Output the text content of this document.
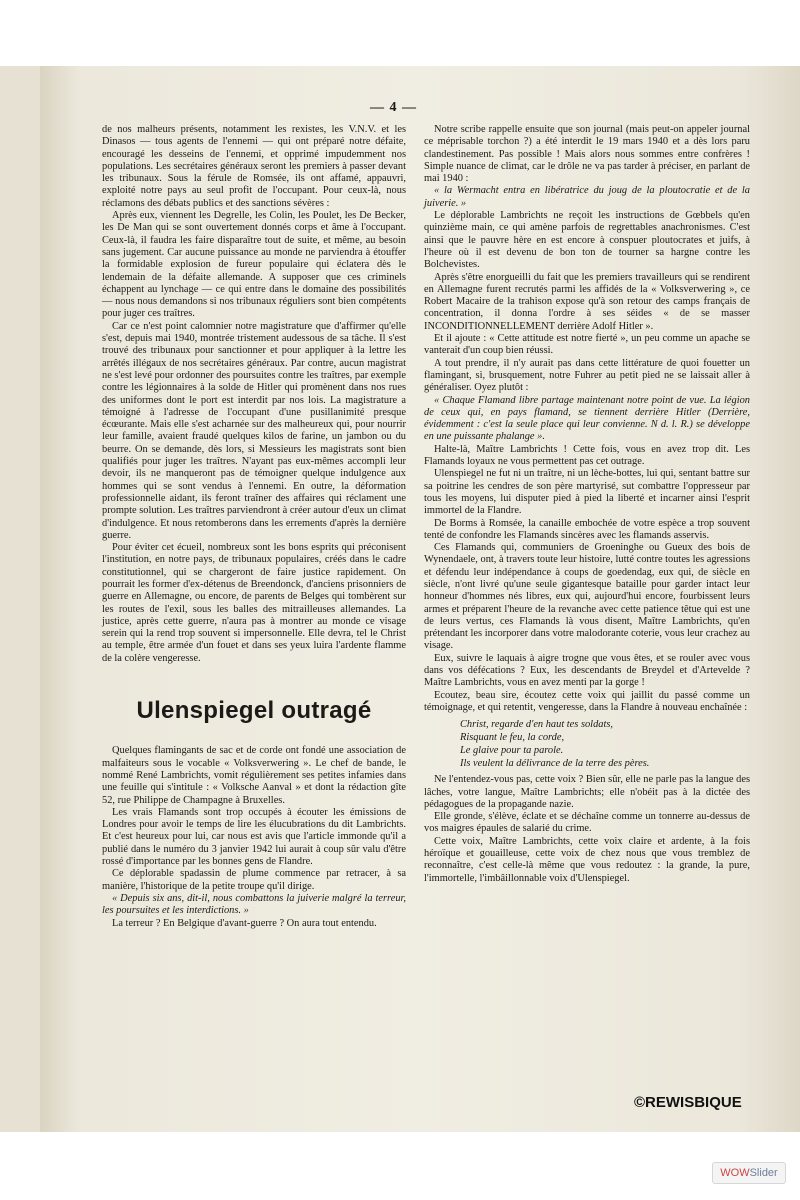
— 4 —

de nos malheurs présents, notamment les rexistes, les V.N.V. et les Dinasos — tous agents de l'ennemi — qui ont préparé notre défaite, encouragé les desseins de l'ennemi, et opprimé impudemment nos populations. Les secrétaires généraux seront les premiers à passer devant les tribunaux. Sous la férule de Romsée, ils ont affamé, appauvri, exploité notre pays au seul profit de l'occupant. Pour ceux-là, nous réclamons des débats publics et des sanctions sévères :

Après eux, viennent les Degrelle, les Colin, les Poulet, les De Becker, les De Man qui se sont ouvertement donnés corps et âme à l'occupant. Ceux-là, il faudra les faire disparaître tout de suite, et même, au besoin sans jugement. Car aucune puissance au monde ne parviendra à étouffer la formidable explosion de fureur populaire qui éclatera dès le lendemain de la défaite allemande. A supposer que ces criminels échappent au lynchage — ce qui entre dans le domaine des possibilités — nous nous demandons si nos tribunaux réguliers sont bien compétents pour juger ces traîtres.

Car ce n'est point calomnier notre magistrature que d'affirmer qu'elle s'est, depuis mai 1940, montrée tristement audessous de sa tâche. Il s'est trouvé des tribunaux pour sanctionner et pour appliquer à la lettre les arrêtés illégaux de nos secrétaires généraux. Par contre, aucun magistrat ne s'est levé pour ordonner des poursuites contre les traîtres, par exemple contre les légionnaires à la solde de Hitler qui promènent dans nos rues des uniformes dont le port est interdit par nos lois. La magistrature a témoigné à l'adresse de l'occupant d'une pusillanimité presque écœurante. Mais elle s'est acharnée sur des malheureux qui, pour nourrir leur famille, avaient fraudé quelques kilos de farine, un jambon ou du beurre. On se demande, dès lors, si Messieurs les magistrats sont bien qualifiés pour juger les traîtres. N'ayant pas eux-mêmes accompli leur devoir, ils ne manqueront pas de témoigner quelque indulgence aux hommes qui se sont vendus à l'ennemi. En outre, la déformation professionnelle aidant, ils feront traîner des affaires qui réclament une prompte solution. Les traîtres parviendront à créer autour d'eux un climat d'indulgence. Et nous retomberons dans les errements d'après la dernière guerre.

Pour éviter cet écueil, nombreux sont les bons esprits qui préconisent l'institution, en notre pays, de tribunaux populaires, créés dans le cadre constitutionnel, qui se chargeront de faire justice rapidement. On pourrait les former d'ex-détenus de Breendonck, d'anciens prisonniers de guerre en Allemagne, ou encore, de parents de Belges qui tombèrent sur les routes de l'exil, sous les balles des mitrailleuses allemandes. La justice, après cette guerre, n'aura pas à montrer au monde ce visage serein qui la rend trop souvent si impersonnelle. Elle devra, tel le Christ au temple, être armée d'un fouet et dans ses yeux luira l'ardente flamme de la colère vengeresse.

Ulenspiegel outragé

Quelques flamingants de sac et de corde ont fondé une association de malfaiteurs sous le vocable « Volksverwering ». Le chef de bande, le nommé René Lambrichts, vomit régulièrement ses petites infamies dans une feuille qui s'intitule : « Volksche Aanval » et dont la rédaction gîte 52, rue Philippe de Champagne à Bruxelles.

Les vrais Flamands sont trop occupés à écouter les émissions de Londres pour avoir le temps de lire les élucubrations du dit Lambrichts. Et c'est heureux pour lui, car nous est avis que l'article immonde qu'il a publié dans le numéro du 3 janvier 1942 lui aurait à coup sûr valu d'être rossé d'importance par les bonnes gens de Flandre.

Ce déplorable spadassin de plume commence par retracer, à sa manière, l'historique de la petite troupe qu'il dirige.

« Depuis six ans, dit-il, nous combattons la juiverie malgré la terreur, les poursuites et les interdictions. »

La terreur ? En Belgique d'avant-guerre ? On aura tout entendu.

Notre scribe rappelle ensuite que son journal (mais peut-on appeler journal ce méprisable torchon ?) a été interdit le 19 mars 1940 et a dès lors paru clandestinement. Pas possible ! Mais alors nous sommes entre confrères ! Simple nuance de climat, car le drôle ne va pas tarder à préciser, en parlant de mai 1940 :

« la Wermacht entra en libératrice du joug de la ploutocratie et de la juiverie. »

Le déplorable Lambrichts ne reçoit les instructions de Gœbbels qu'en quinzième main, ce qui amène parfois de regrettables anachronismes. C'est ainsi que le pauvre hère en est encore à conspuer ploutocrates et juifs, à l'heure où il est devenu de bon ton de tourner sa hargne contre les Bolchevistes.

Après s'être enorgueilli du fait que les premiers travailleurs qui se rendirent en Allemagne furent recrutés parmi les affidés de la « Volksverwering », ce Robert Macaire de la trahison expose qu'à son retour des camps français de concentration, il donna l'ordre à ses séides « de se masser INCONDITIONNELLEMENT derrière Adolf Hitler ».

Et il ajoute : « Cette attitude est notre fierté », un peu comme un apache se vanterait d'un coup bien réussi.

A tout prendre, il n'y aurait pas dans cette littérature de quoi fouetter un flamingant, si, brusquement, notre Fuhrer au petit pied ne se laissait aller à généraliser. Oyez plutôt :

« Chaque Flamand libre partage maintenant notre point de vue. La légion de ceux qui, en pays flamand, se tiennent derrière Hitler (Derrière, évidemment : c'est la seule place qui leur convienne. N d. l. R.) se développe en une puissante phalange ».

Halte-là, Maître Lambrichts ! Cette fois, vous en avez trop dit. Les Flamands loyaux ne vous permettent pas cet outrage.

Ulenspiegel ne fut ni un traître, ni un lèche-bottes, lui qui, sentant battre sur sa poitrine les cendres de son père martyrisé, sut combattre l'oppresseur par tous les moyens, lui disputer pied à pied la liberté et incarner ainsi l'esprit immortel de la Flandre.

De Borms à Romsée, la canaille embochée de votre espèce a trop souvent tenté de confondre les Flamands sincères avec les flamands asservis.

Ces Flamands qui, communiers de Groeninghe ou Gueux des bois de Wynendaele, ont, à travers toute leur histoire, lutté contre toutes les agressions et défendu leur indépendance à coups de goedendag, eux qui, de siècle en siècle, n'ont livré qu'une seule gigantesque bataille pour garder intact leur honneur d'hommes nés libres, eux qui, aujourd'hui encore, fourbissent leurs armes et préparent l'heure de la revanche avec cette patience têtue qui est une de leurs vertus, ces Flamands là vous disent, Maître Lambrichts, qu'en prétendant les incorporer dans votre malodorante coterie, vous leur crachez au visage.

Eux, suivre le laquais à aigre trogne que vous êtes, et se rouler avec vous dans vos défécations ? Eux, les descendants de Breydel et d'Artevelde ? Maître Lambrichts, vous en avez menti par la gorge !

Ecoutez, beau sire, écoutez cette voix qui jaillit du passé comme un témoignage, et qui retentit, vengeresse, dans la Flandre à nouveau enchaînée :

Christ, regarde d'en haut tes soldats,
Risquant le feu, la corde,
Le glaive pour ta parole.
Ils veulent la délivrance de la terre des pères.

Ne l'entendez-vous pas, cette voix ? Bien sûr, elle ne parle pas la langue des lâches, votre langue, Maître Lambrichts; elle n'obéit pas à la dictée des pédagogues de la propagande nazie.

Elle gronde, s'élève, éclate et se déchaîne comme un tonnerre au-dessus de vos maigres épaules de salarié du crime.

Cette voix, Maître Lambrichts, cette voix claire et ardente, à la fois héroïque et gouailleuse, cette voix de chez nous que vous tremblez de reconnaître, c'est celle-là même que vous redoutez : la grande, la pure, l'immortelle, l'imbâillonnable voix d'Ulenspiegel.

©REWISBIQUE
WOWSlider
